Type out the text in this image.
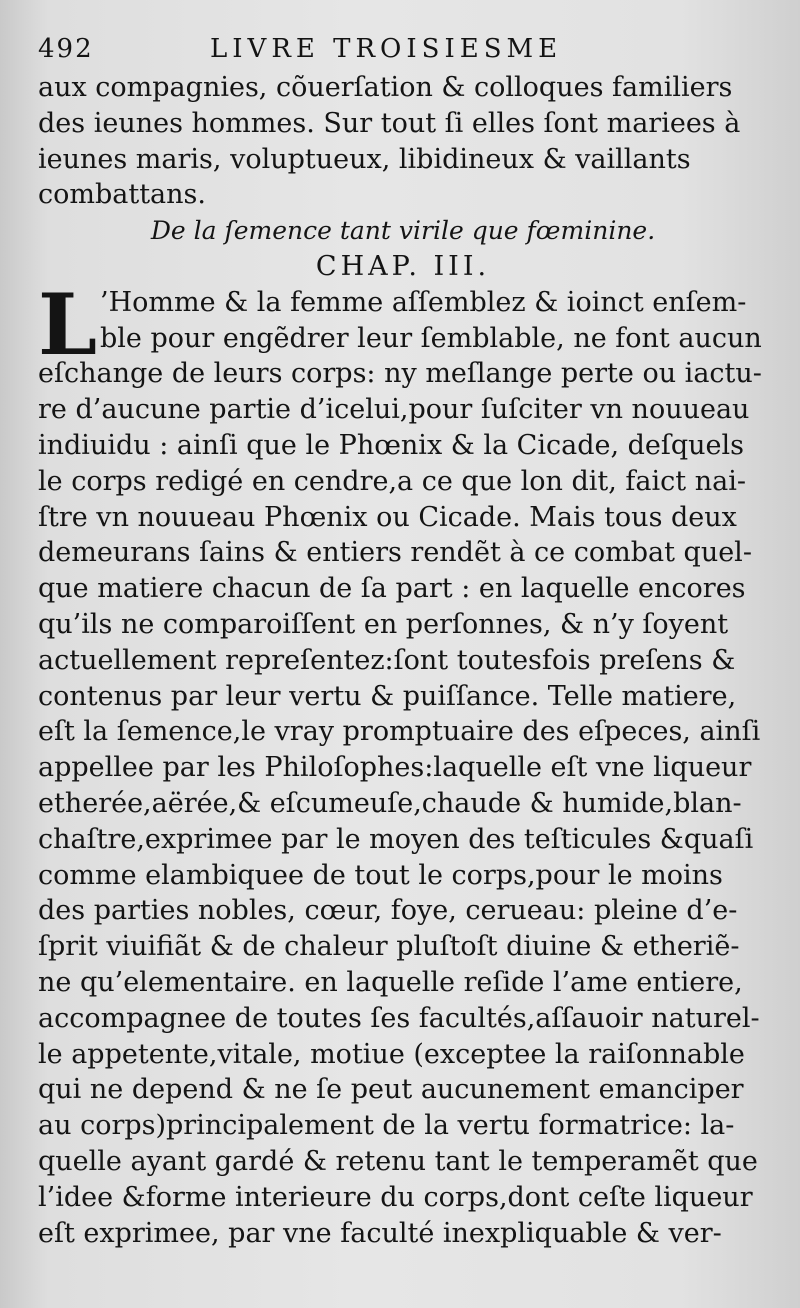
492	LIVRE TROISIESME
aux compagnies, cõuerſation & colloques familiers
des ieunes hommes. Sur tout ſi elles ſont mariees à
ieunes maris, voluptueux, libidineux & vaillants
combattans.
De la ſemence tant virile que fœminine.
CHAP. III.
L ’Homme & la femme aſſemblez & ioinct enſem-
ble pour engẽdrer leur ſemblable, ne font aucun
eſchange de leurs corps: ny meſlange perte ou iactu-
re d’aucune partie d’icelui,pour ſuſciter vn nouueau
indiuidu : ainſi que le Phœnix & la Cicade, deſquels
le corps redigé en cendre,a ce que lon dit, faict nai-
ſtre vn nouueau Phœnix ou Cicade. Mais tous deux
demeurans ſains & entiers rendẽt à ce combat quel-
que matiere chacun de ſa part : en laquelle encores
qu’ils ne comparoiſſent en perſonnes, & n’y ſoyent
actuellement repreſentez:ſont toutesfois preſens &
contenus par leur vertu & puiſſance. Telle matiere,
eſt la ſemence,le vray promptuaire des eſpeces, ainſi
appellee par les Philoſophes:laquelle eſt vne liqueur
etherée,aërée,& eſcumeuſe,chaude & humide,blan-
chaſtre,exprimee par le moyen des teſticules &quaſi
comme elambiquee de tout le corps,pour le moins
des parties nobles, cœur, foye, cerueau: pleine d’e-
ſprit viuifiãt & de chaleur pluſtoſt diuine & etheriẽ-
ne qu’elementaire. en laquelle reſide l’ame entiere,
accompagnee de toutes ſes facultés,aſſauoir naturel-
le appetente,vitale, motiue (exceptee la raiſonnable
qui ne depend & ne ſe peut aucunement emanciper
au corps)principalement de la vertu formatrice: la-
quelle ayant gardé & retenu tant le temperamẽt que
l’idee &forme interieure du corps,dont ceſte liqueur
eſt exprimee, par vne faculté inexpliquable & ver-
